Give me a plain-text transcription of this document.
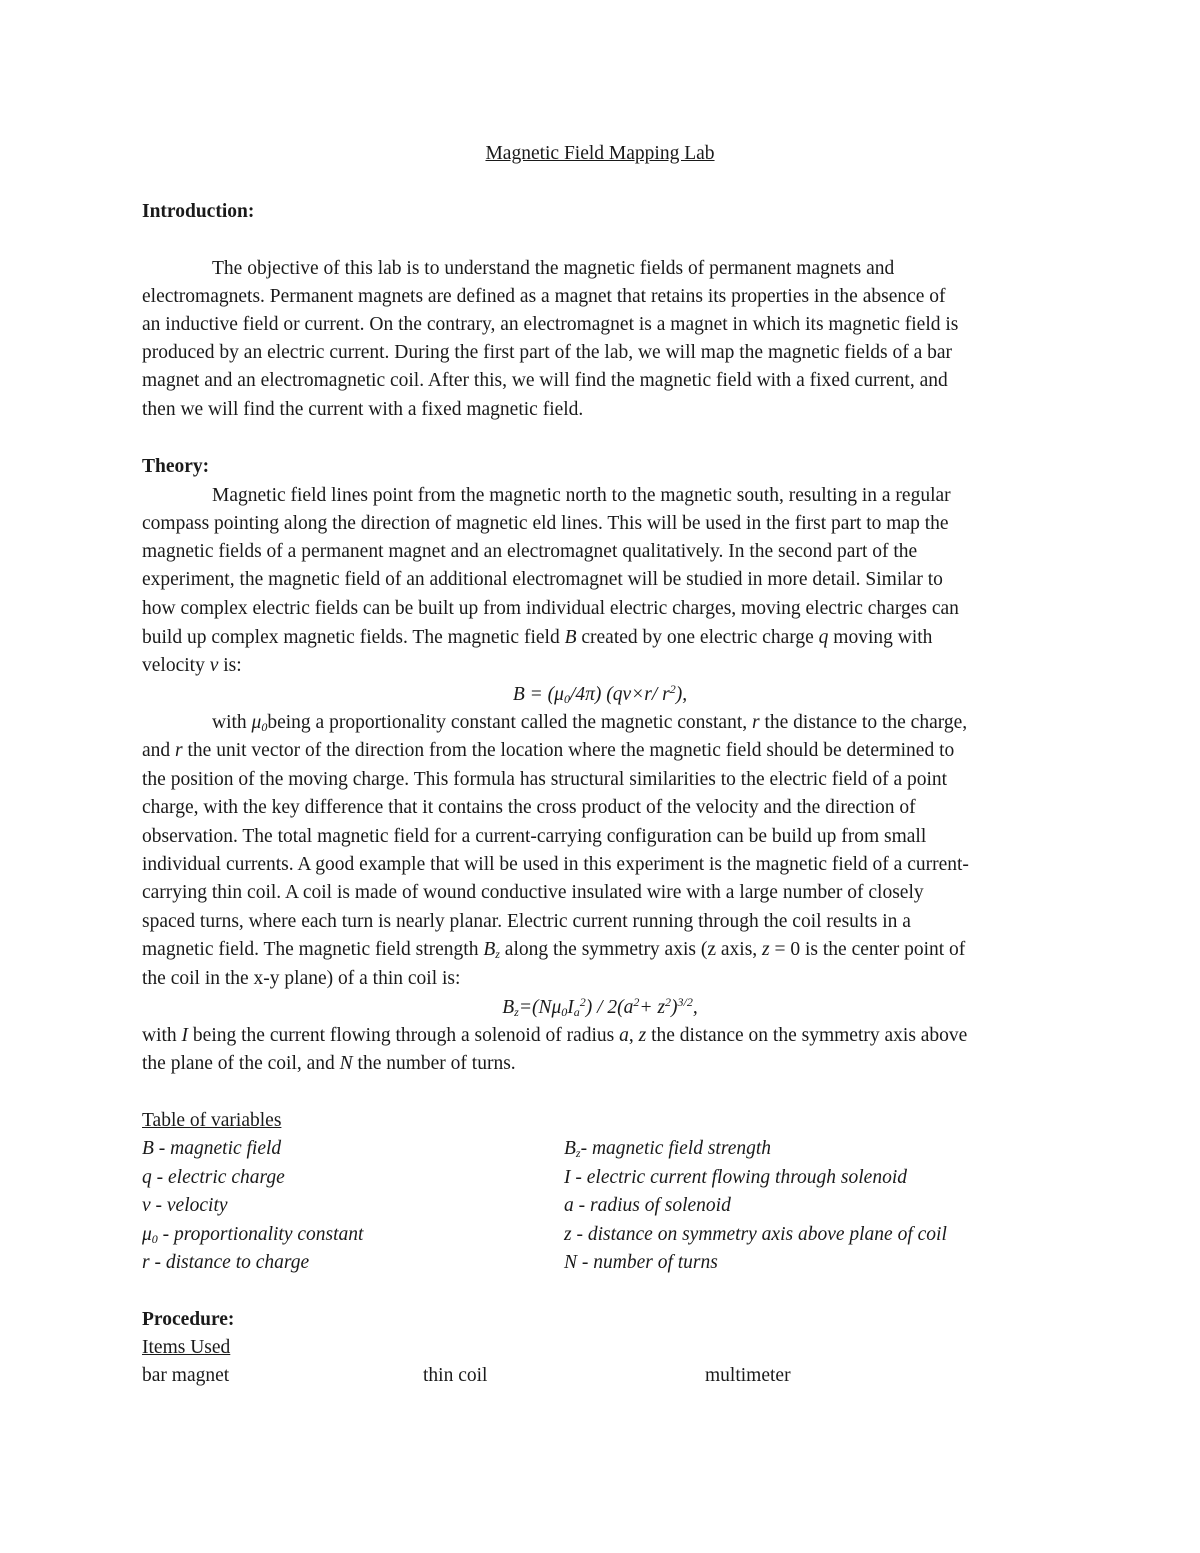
Magnetic Field Mapping Lab
Introduction:
The objective of this lab is to understand the magnetic fields of permanent magnets and
electromagnets. Permanent magnets are defined as a magnet that retains its properties in the absence of
an inductive field or current. On the contrary, an electromagnet is a magnet in which its magnetic field is
produced by an electric current. During the first part of the lab, we will map the magnetic fields of a bar
magnet and an electromagnetic coil. After this, we will find the magnetic field with a fixed current, and
then we will find the current with a fixed magnetic field.
Theory:
Magnetic field lines point from the magnetic north to the magnetic south, resulting in a regular
compass pointing along the direction of magnetic eld lines. This will be used in the first part to map the
magnetic fields of a permanent magnet and an electromagnet qualitatively. In the second part of the
experiment, the magnetic field of an additional electromagnet will be studied in more detail. Similar to
how complex electric fields can be built up from individual electric charges, moving electric charges can
build up complex magnetic fields. The magnetic field B created by one electric charge q moving with
velocity v is:
$B = (\mu_0/4\pi)$ (qv×r/ $r^2$),
with $\mu_0being$ a proportionality constant called the magnetic constant, r the distance to the charge,
and r the unit vector of the direction from the location where the magnetic field should be determined to
the position of the moving charge. This formula has structural similarities to the electric field of a point
charge, with the key difference that it contains the cross product of the velocity and the direction of
observation. The total magnetic field for a current-carrying configuration can be build up from small
individual currents. A good example that will be used in this experiment is the magnetic field of a current-
carrying thin coil. A coil is made of wound conductive insulated wire with a large number of closely
spaced turns, where each turn is nearly planar. Electric current running through the coil results in a
magnetic field. The magnetic field strength $B_z$ along the symmetry axis (z axis, z = 0 is the center point of
the coil in the x-y plane) of a thin coil is:
$B_z=(N\mu_0I_a^2) / 2(a^2+ z^2)^{3/2}$,
with I being the current flowing through a solenoid of radius a, z the distance on the symmetry axis above
the plane of the coil, and N the number of turns.
Table of variables
B - magnetic field
q - electric charge
v - velocity
$\mu_0$ - proportionality constant
r - distance to charge
$B_z-$ magnetic field strength
I - electric current flowing through solenoid
a - radius of solenoid
z - distance on symmetry axis above plane of coil
N - number of turns
Procedure:
Items Used
bar magnet	thin coil	multimeter
